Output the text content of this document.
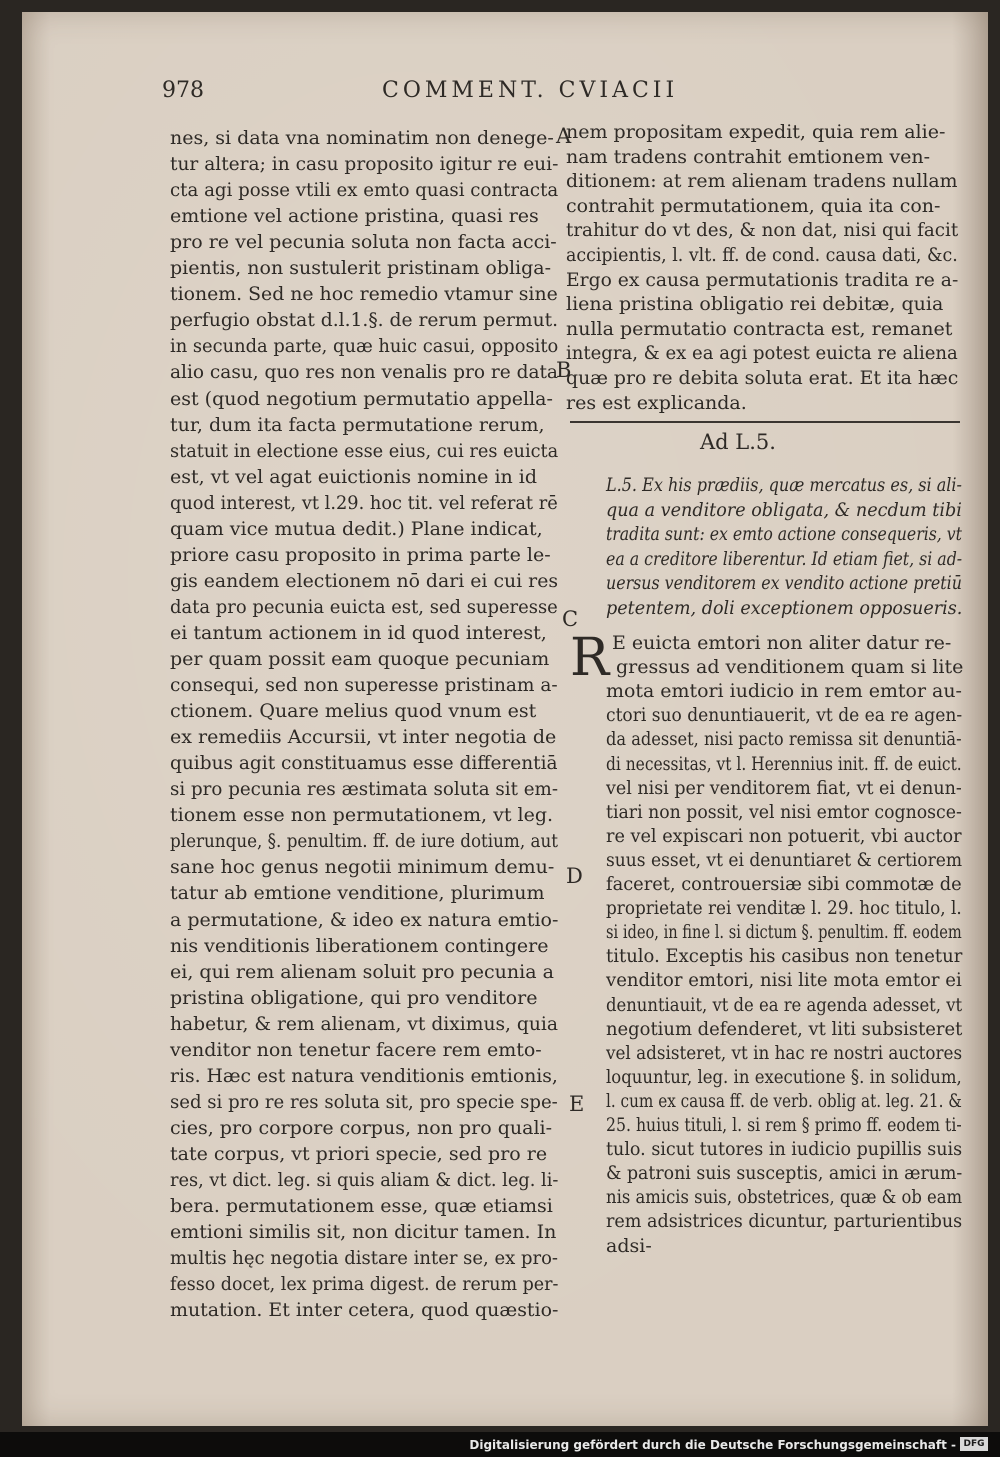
978	COMMENT. CVIACII
nes, si data vna nominatim non denege-
tur altera; in casu proposito igitur re eui-
cta agi posse vtili ex emto quasi contracta
emtione vel actione pristina, quasi res
pro re vel pecunia soluta non facta acci-
pientis, non sustulerit pristinam obliga-
tionem. Sed ne hoc remedio vtamur sine
perfugio obstat d.l.1.§. de rerum permut.
in secunda parte, quæ huic casui, opposito
alio casu, quo res non venalis pro re data
est (quod negotium permutatio appella-
tur, dum ita facta permutatione rerum,
statuit in electione esse eius, cui res euicta
est, vt vel agat euictionis nomine in id
quod interest, vt l.29. hoc tit. vel referat rē
quam vice mutua dedit.) Plane indicat,
priore casu proposito in prima parte le-
gis eandem electionem nō dari ei cui res
data pro pecunia euicta est, sed superesse
ei tantum actionem in id quod interest,
per quam possit eam quoque pecuniam
consequi, sed non superesse pristinam a-
ctionem. Quare melius quod vnum est
ex remediis Accursii, vt inter negotia de
quibus agit constituamus esse differentiā
si pro pecunia res æstimata soluta sit em-
tionem esse non permutationem, vt leg.
plerunque, §. penultim. ff. de iure dotium, aut
sane hoc genus negotii minimum demu-
tatur ab emtione venditione, plurimum
a permutatione, & ideo ex natura emtio-
nis venditionis liberationem contingere
ei, qui rem alienam soluit pro pecunia a
pristina obligatione, qui pro venditore
habetur, & rem alienam, vt diximus, quia
venditor non tenetur facere rem emto-
ris. Hæc est natura venditionis emtionis,
sed si pro re res soluta sit, pro specie spe-
cies, pro corpore corpus, non pro quali-
tate corpus, vt priori specie, sed pro re
res, vt dict. leg. si quis aliam & dict. leg. li-
bera. permutationem esse, quæ etiamsi
emtioni similis sit, non dicitur tamen. In
multis hęc negotia distare inter se, ex pro-
fesso docet, lex prima digest. de rerum per-
mutation. Et inter cetera, quod quæstio-
nem propositam expedit, quia rem alie-
nam tradens contrahit emtionem ven-
ditionem: at rem alienam tradens nullam
contrahit permutationem, quia ita con-
trahitur do vt des, & non dat, nisi qui facit
accipientis, l. vlt. ff. de cond. causa dati, &c.
Ergo ex causa permutationis tradita re a-
liena pristina obligatio rei debitæ, quia
nulla permutatio contracta est, remanet
integra, & ex ea agi potest euicta re aliena
quæ pro re debita soluta erat. Et ita hæc
res est explicanda.
Ad L.5.
L.5. Ex his prædiis, quæ mercatus es, si ali-
qua a venditore obligata, & necdum tibi
tradita sunt: ex emto actione consequeris, vt
ea a creditore liberentur. Id etiam fiet, si ad-
uersus venditorem ex vendito actione pretiū
petentem, doli exceptionem opposueris.
R E euicta emtori non aliter datur re-
gressus ad venditionem quam si lite
mota emtori iudicio in rem emtor au-
ctori suo denuntiauerit, vt de ea re agen-
da adesset, nisi pacto remissa sit denuntiā-
di necessitas, vt l. Herennius init. ff. de euict.
vel nisi per venditorem fiat, vt ei denun-
tiari non possit, vel nisi emtor cognosce-
re vel expiscari non potuerit, vbi auctor
suus esset, vt ei denuntiaret & certiorem
faceret, controuersiæ sibi commotæ de
proprietate rei venditæ l. 29. hoc titulo, l.
si ideo, in fine l. si dictum §. penultim. ff. eodem
titulo. Exceptis his casibus non tenetur
venditor emtori, nisi lite mota emtor ei
denuntiauit, vt de ea re agenda adesset, vt
negotium defenderet, vt liti subsisteret
vel adsisteret, vt in hac re nostri auctores
loquuntur, leg. in executione §. in solidum,
l. cum ex causa ff. de verb. oblig at. leg. 21. &
25. huius tituli, l. si rem § primo ff. eodem ti-
tulo. sicut tutores in iudicio pupillis suis
& patroni suis susceptis, amici in ærum-
nis amicis suis, obstetrices, quæ & ob eam
rem adsistrices dicuntur, parturientibus
adsi-
A
B
C
D
E
Digitalisierung gefördert durch die Deutsche Forschungsgemeinschaft - DFG
